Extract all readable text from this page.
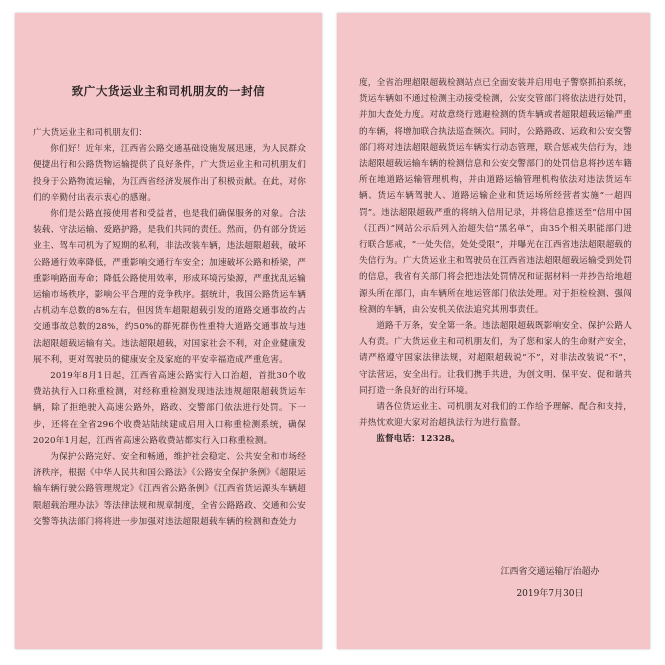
致广大货运业主和司机朋友的一封信

广大货运业主和司机朋友们：

你们好！近年来，江西省公路交通基础设施发展迅速，为人民群众便捷出行和公路货物运输提供了良好条件，广大货运业主和司机朋友们投身于公路物流运输，为江西省经济发展作出了积极贡献。在此，对你们的辛勤付出表示衷心的感谢。

你们是公路直接使用者和受益者，也是我们确保服务的对象。合法装载、守法运输、爱路护路，是我们共同的责任。然而，仍有部分货运业主、驾车司机为了短期的私利，非法改装车辆，违法超限超载，破坏公路通行效率降低，严重影响交通行车安全；加速破坏公路和桥梁，严重影响路面寿命；降低公路使用效率，形成环境污染源，严重扰乱运输运输市场秩序，影响公平合理的竞争秩序。据统计，我国公路货运车辆占机动车总数的8%左右，但因货车超限超载引发的道路交通事故约占交通事故总数的28%，约50%的群死群伤性重特大道路交通事故与违法超限超载运输有关。违法超限超载，对国家社会不利，对企业健康发展不利，更对驾驶员的健康安全及家庭的平安幸福造成严重危害。

2019年8月1日起，江西省高速公路实行入口治超，首批30个收费站执行入口称重检测，对经称重检测发现违法违规超限超载货运车辆，除了拒绝驶入高速公路外，路政、交警部门依法进行处罚。下一步，还将在全省296个收费站陆续建成启用入口称重检测系统，确保2020年1月起，江西省高速公路收费站都实行入口称重检测。

为保护公路完好、安全和畅通，维护社会稳定、公共安全和市场经济秩序，根据《中华人民共和国公路法》《公路安全保护条例》《超限运输车辆行驶公路管理规定》《江西省公路条例》《江西省货运源头车辆超限超载治理办法》等法律法规和规章制度，全省公路路政、交通和公安交警等执法部门将将进一步加强对违法超限超载车辆的检测和查处力

度，全省治理超限超载检测站点已全面安装并启用电子警察抓拍系统，货运车辆如不通过检测主动接受检测，公安交管部门将依法进行处罚，并加大查处力度。对故意绕行逃避检测的货车辆或者超限超载运输严重的车辆，将增加联合执法巡查频次。同时，公路路政、运政和公安交警部门将对违法超限超载货运车辆实行动态管理，联合惩戒失信行为，违法超限超载运输车辆的检测信息和公安交警部门的处罚信息将抄送车籍所在地道路运输管理机构，并由道路运输管理机构依法对违法货运车辆、货运车辆驾驶人、道路运输企业和货运场所经营者实施“一超四罚”。违法超限超载严重的将纳入信用记录，并将信息推送至“信用中国（江西）”网站公示后列入治超失信“黑名单”，由35个相关职能部门进行联合惩戒，“一处失信，处处受限”，并曝光在江西省违法超限超载的失信行为。广大货运业主和驾驶员在江西省违法超限超载运输受到处罚的信息，我省有关部门将会把违法处罚情况和证据材料一并抄告给地超源头所在部门，由车辆所在地运管部门依法处理。对于拒检检测、强闯检测的车辆，由公安机关依法追究其刑事责任。

道路千万条，安全第一条。违法超限超载既影响安全、保护公路人人有责。广大货运业主和司机朋友们，为了您和家人的生命财产安全，请严格遵守国家法律法规，对超限超载说“不”，对非法改装说“不”，守法营运，安全出行。让我们携手共进，为创文明、保平安、促和谐共同打造一条良好的出行环境。

请各位货运业主、司机朋友对我们的工作给予理解、配合和支持，并热忱欢迎大家对治超执法行为进行监督。

监督电话：12328。

江西省交通运输厅治超办
2019年7月30日
